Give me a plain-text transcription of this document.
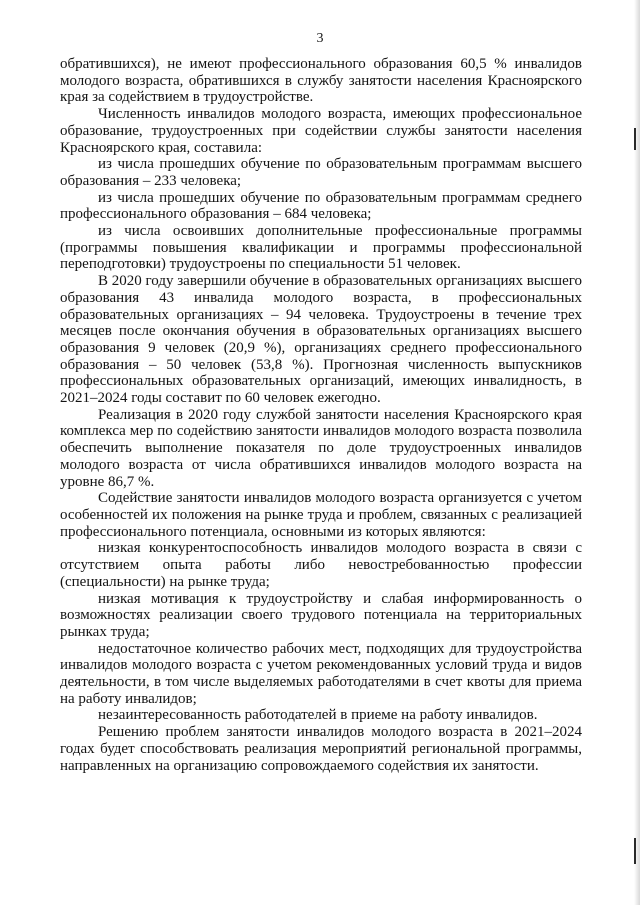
3

обратившихся), не имеют профессионального образования 60,5 % инвалидов молодого возраста, обратившихся в службу занятости населения Красноярского края за содействием в трудоустройстве.

Численность инвалидов молодого возраста, имеющих профессиональное образование, трудоустроенных при содействии службы занятости населения Красноярского края, составила:

из числа прошедших обучение по образовательным программам высшего образования – 233 человека;

из числа прошедших обучение по образовательным программам среднего профессионального образования – 684 человека;

из числа освоивших дополнительные профессиональные программы (программы повышения квалификации и программы профессиональной переподготовки) трудоустроены по специальности 51 человек.

В 2020 году завершили обучение в образовательных организациях высшего образования 43 инвалида молодого возраста, в профессиональных образовательных организациях – 94 человека. Трудоустроены в течение трех месяцев после окончания обучения в образовательных организациях высшего образования 9 человек (20,9 %), организациях среднего профессионального образования – 50 человек (53,8 %). Прогнозная численность выпускников профессиональных образовательных организаций, имеющих инвалидность, в 2021–2024 годы составит по 60 человек ежегодно.

Реализация в 2020 году службой занятости населения Красноярского края комплекса мер по содействию занятости инвалидов молодого возраста позволила обеспечить выполнение показателя по доле трудоустроенных инвалидов молодого возраста от числа обратившихся инвалидов молодого возраста на уровне 86,7 %.

Содействие занятости инвалидов молодого возраста организуется с учетом особенностей их положения на рынке труда и проблем, связанных с реализацией профессионального потенциала, основными из которых являются:

низкая конкурентоспособность инвалидов молодого возраста в связи с отсутствием опыта работы либо невостребованностью профессии (специальности) на рынке труда;

низкая мотивация к трудоустройству и слабая информированность о возможностях реализации своего трудового потенциала на территориальных рынках труда;

недостаточное количество рабочих мест, подходящих для трудоустройства инвалидов молодого возраста с учетом рекомендованных условий труда и видов деятельности, в том числе выделяемых работодателями в счет квоты для приема на работу инвалидов;

незаинтересованность работодателей в приеме на работу инвалидов.

Решению проблем занятости инвалидов молодого возраста в 2021–2024 годах будет способствовать реализация мероприятий региональной программы, направленных на организацию сопровождаемого содействия их занятости.
